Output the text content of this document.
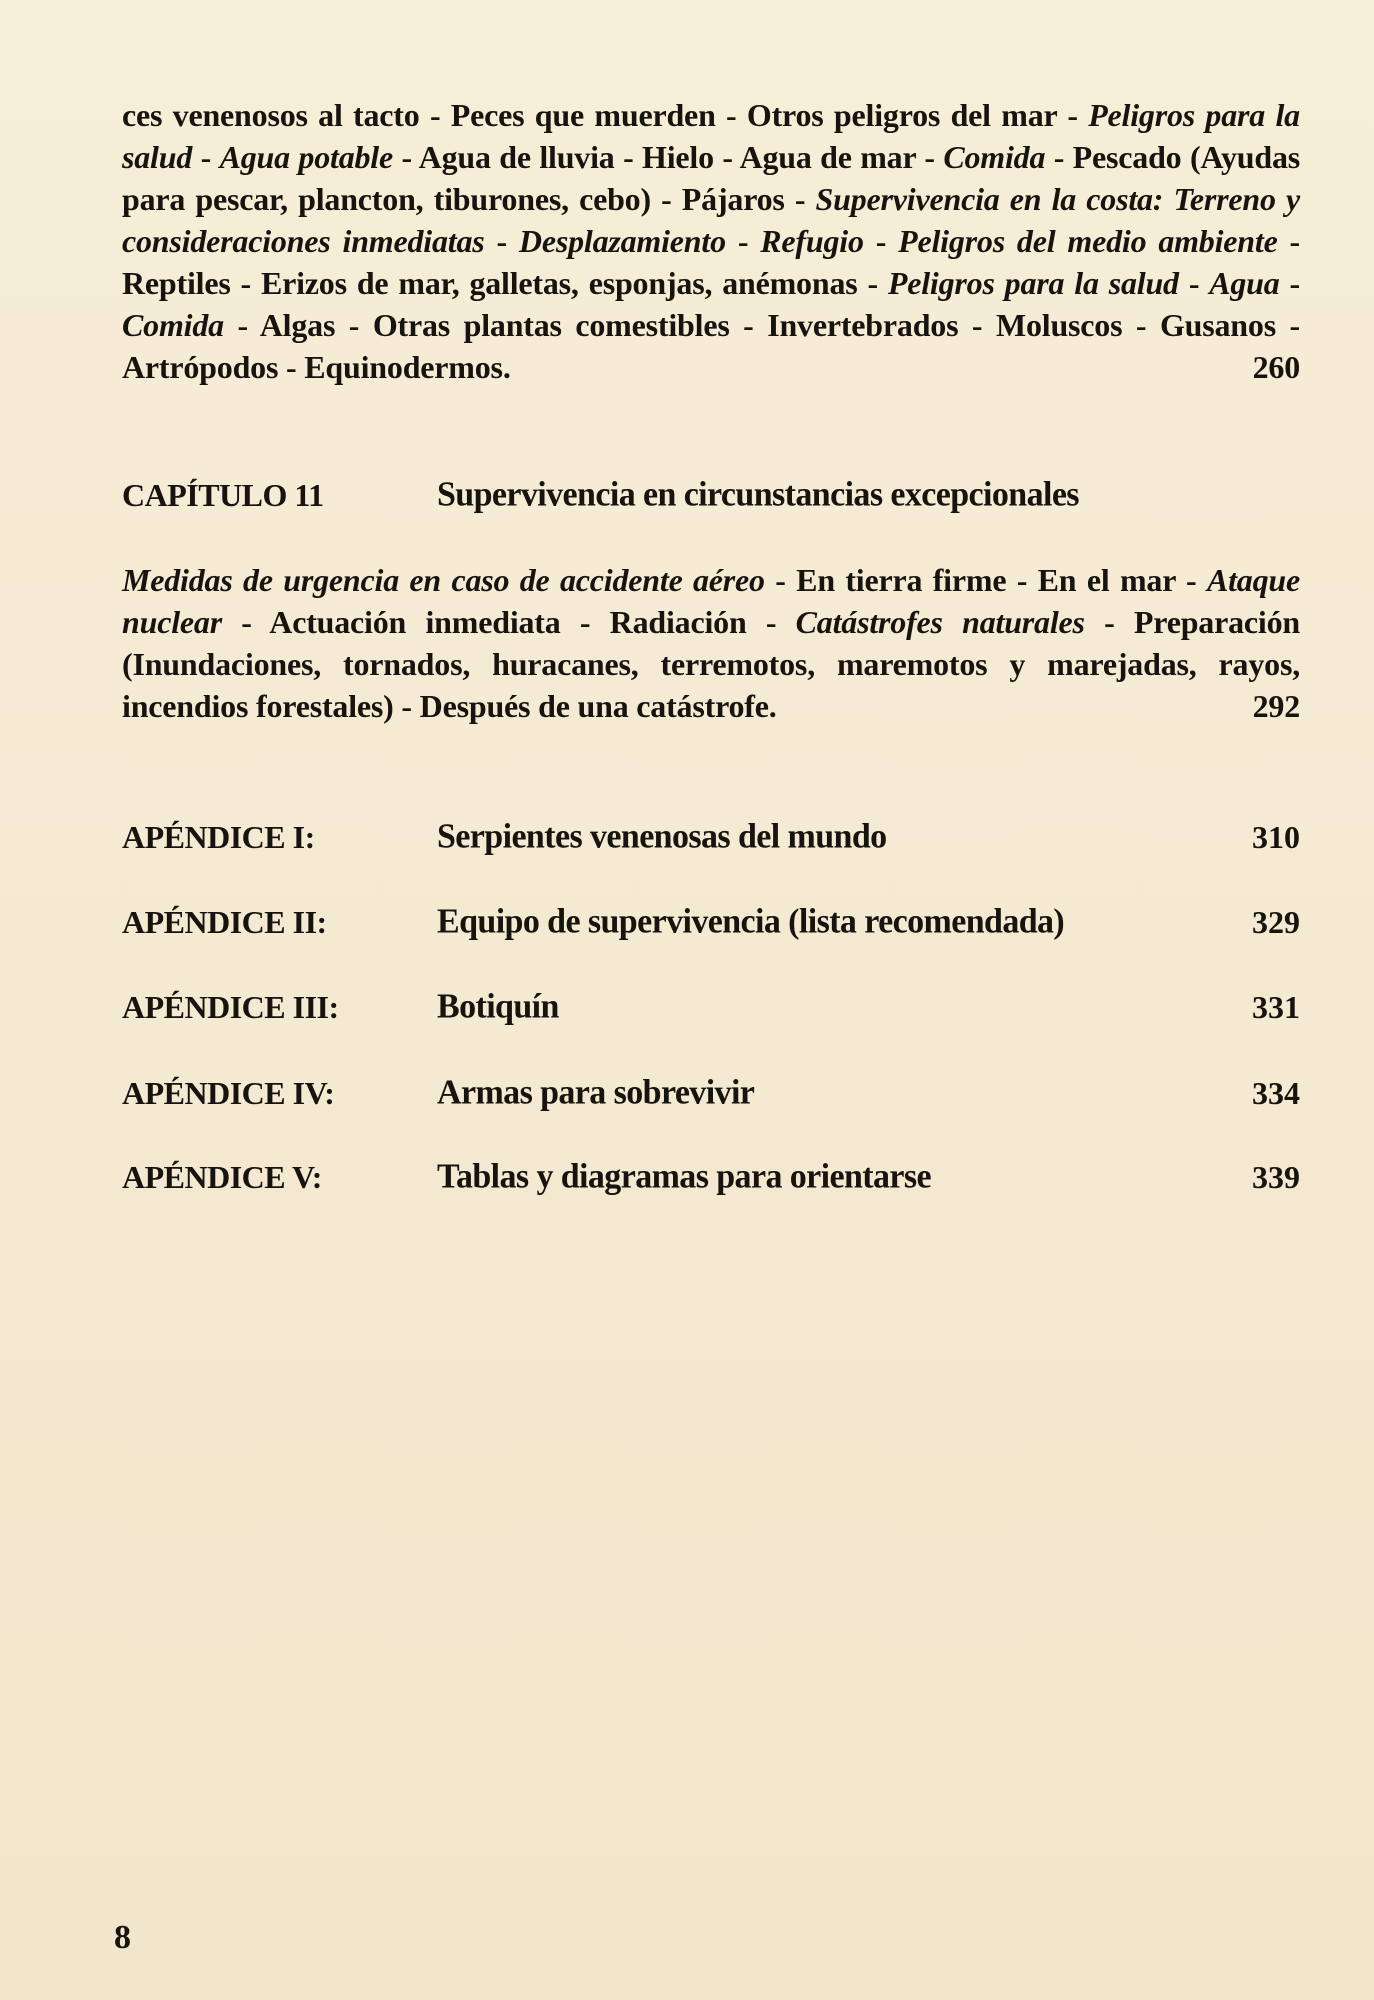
ces venenosos al tacto - Peces que muerden - Otros peligros del mar - Peligros para la salud - Agua potable - Agua de lluvia - Hielo - Agua de mar - Comida - Pescado (Ayudas para pescar, plancton, tiburones, cebo) - Pájaros - Supervivencia en la costa: Terreno y consideraciones inmediatas - Desplazamiento - Refugio - Peligros del medio ambiente - Reptiles - Erizos de mar, galletas, esponjas, anémonas - Peligros para la salud - Agua - Comida - Algas - Otras plantas comestibles - Invertebrados - Moluscos - Gusanos - Artrópodos - Equinodermos.	260

CAPÍTULO 11	Supervivencia en circunstancias excepcionales

Medidas de urgencia en caso de accidente aéreo - En tierra firme - En el mar - Ataque nuclear - Actuación inmediata - Radiación - Catástrofes naturales - Preparación (Inundaciones, tornados, huracanes, terremotos, maremotos y marejadas, rayos, incendios forestales) - Después de una catástrofe.	292

APÉNDICE I:	Serpientes venenosas del mundo	310
APÉNDICE II:	Equipo de supervivencia (lista recomendada)	329
APÉNDICE III:	Botiquín	331
APÉNDICE IV:	Armas para sobrevivir	334
APÉNDICE V:	Tablas y diagramas para orientarse	339
8
